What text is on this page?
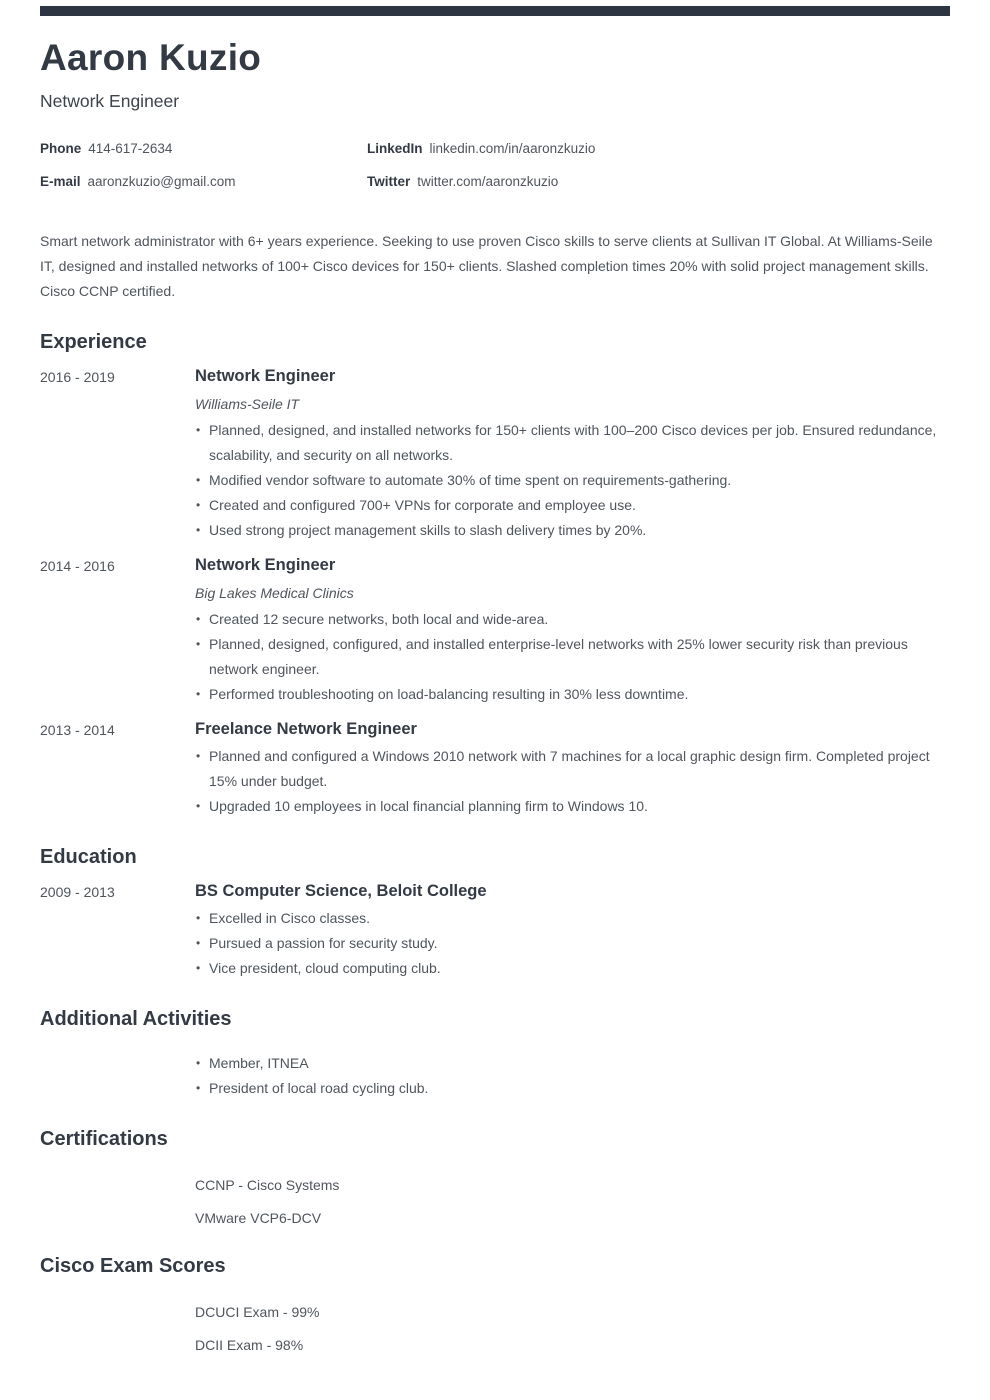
Aaron Kuzio
Network Engineer
Phone 414-617-2634	LinkedIn linkedin.com/in/aaronzkuzio
E-mail aaronzkuzio@gmail.com	Twitter twitter.com/aaronzkuzio

Smart network administrator with 6+ years experience. Seeking to use proven Cisco skills to serve clients at Sullivan IT Global. At Williams-Seile IT, designed and installed networks of 100+ Cisco devices for 150+ clients. Slashed completion times 20% with solid project management skills. Cisco CCNP certified.

Experience
2016 - 2019	Network Engineer
Williams-Seile IT
• Planned, designed, and installed networks for 150+ clients with 100–200 Cisco devices per job. Ensured redundance, scalability, and security on all networks.
• Modified vendor software to automate 30% of time spent on requirements-gathering.
• Created and configured 700+ VPNs for corporate and employee use.
• Used strong project management skills to slash delivery times by 20%.
2014 - 2016	Network Engineer
Big Lakes Medical Clinics
• Created 12 secure networks, both local and wide-area.
• Planned, designed, configured, and installed enterprise-level networks with 25% lower security risk than previous network engineer.
• Performed troubleshooting on load-balancing resulting in 30% less downtime.
2013 - 2014	Freelance Network Engineer
• Planned and configured a Windows 2010 network with 7 machines for a local graphic design firm. Completed project 15% under budget.
• Upgraded 10 employees in local financial planning firm to Windows 10.
Education
2009 - 2013	BS Computer Science, Beloit College
• Excelled in Cisco classes.
• Pursued a passion for security study.
• Vice president, cloud computing club.
Additional Activities
• Member, ITNEA
• President of local road cycling club.
Certifications
CCNP - Cisco Systems
VMware VCP6-DCV
Cisco Exam Scores
DCUCI Exam - 99%
DCII Exam - 98%
